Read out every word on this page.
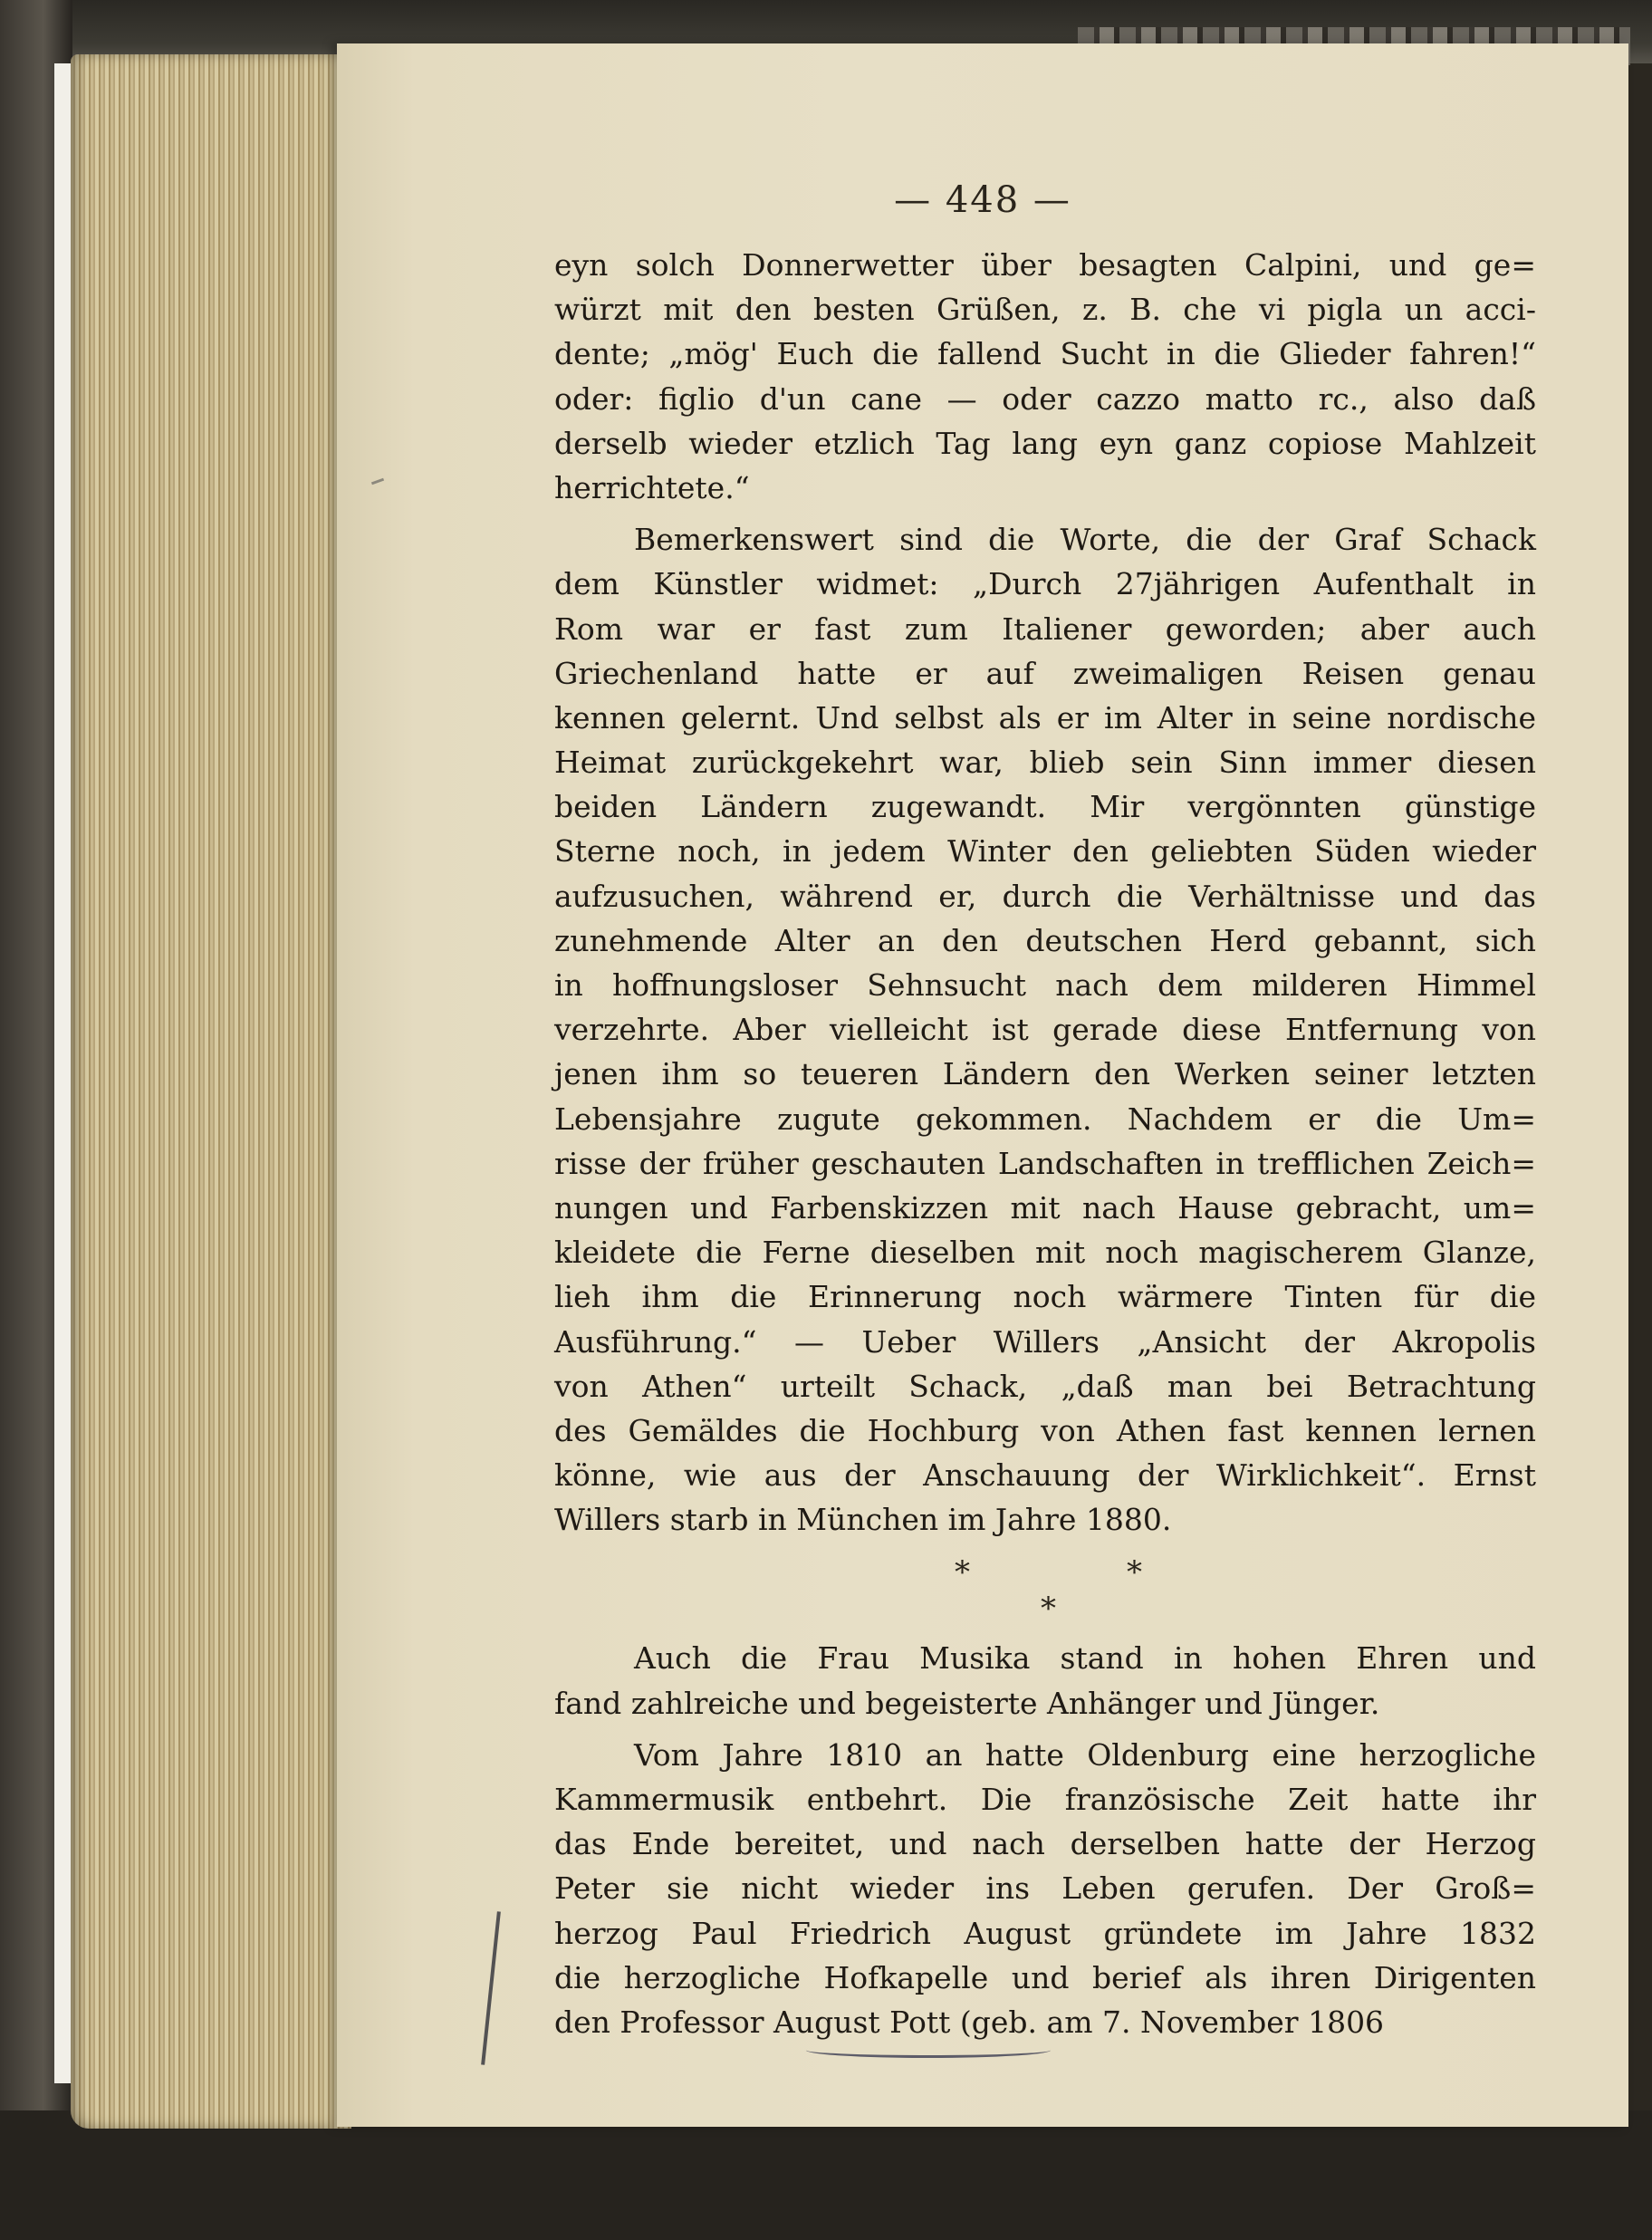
— 448 —
eyn solch Donnerwetter über besagten Calpini, und ge=
würzt mit den besten Grüßen, z. B. che vi pigla un acci-
dente; „mög' Euch die fallend Sucht in die Glieder fahren!“
oder: figlio d'un cane — oder cazzo matto rc., also daß
derselb wieder etzlich Tag lang eyn ganz copiose Mahlzeit
herrichtete.“
Bemerkenswert sind die Worte, die der Graf Schack
dem Künstler widmet: „Durch 27jährigen Aufenthalt in
Rom war er fast zum Italiener geworden; aber auch
Griechenland hatte er auf zweimaligen Reisen genau
kennen gelernt. Und selbst als er im Alter in seine nordische
Heimat zurückgekehrt war, blieb sein Sinn immer diesen
beiden Ländern zugewandt. Mir vergönnten günstige
Sterne noch, in jedem Winter den geliebten Süden wieder
aufzusuchen, während er, durch die Verhältnisse und das
zunehmende Alter an den deutschen Herd gebannt, sich
in hoffnungsloser Sehnsucht nach dem milderen Himmel
verzehrte. Aber vielleicht ist gerade diese Entfernung von
jenen ihm so teueren Ländern den Werken seiner letzten
Lebensjahre zugute gekommen. Nachdem er die Um=
risse der früher geschauten Landschaften in trefflichen Zeich=
nungen und Farbenskizzen mit nach Hause gebracht, um=
kleidete die Ferne dieselben mit noch magischerem Glanze,
lieh ihm die Erinnerung noch wärmere Tinten für die
Ausführung.“ — Ueber Willers „Ansicht der Akropolis
von Athen“ urteilt Schack, „daß man bei Betrachtung
des Gemäldes die Hochburg von Athen fast kennen lernen
könne, wie aus der Anschauung der Wirklichkeit“. Ernst
Willers starb in München im Jahre 1880.
*	*
*
Auch die Frau Musika stand in hohen Ehren und
fand zahlreiche und begeisterte Anhänger und Jünger.
Vom Jahre 1810 an hatte Oldenburg eine herzogliche
Kammermusik entbehrt. Die französische Zeit hatte ihr
das Ende bereitet, und nach derselben hatte der Herzog
Peter sie nicht wieder ins Leben gerufen. Der Groß=
herzog Paul Friedrich August gründete im Jahre 1832
die herzogliche Hofkapelle und berief als ihren Dirigenten
den Professor August Pott (geb. am 7. November 1806
